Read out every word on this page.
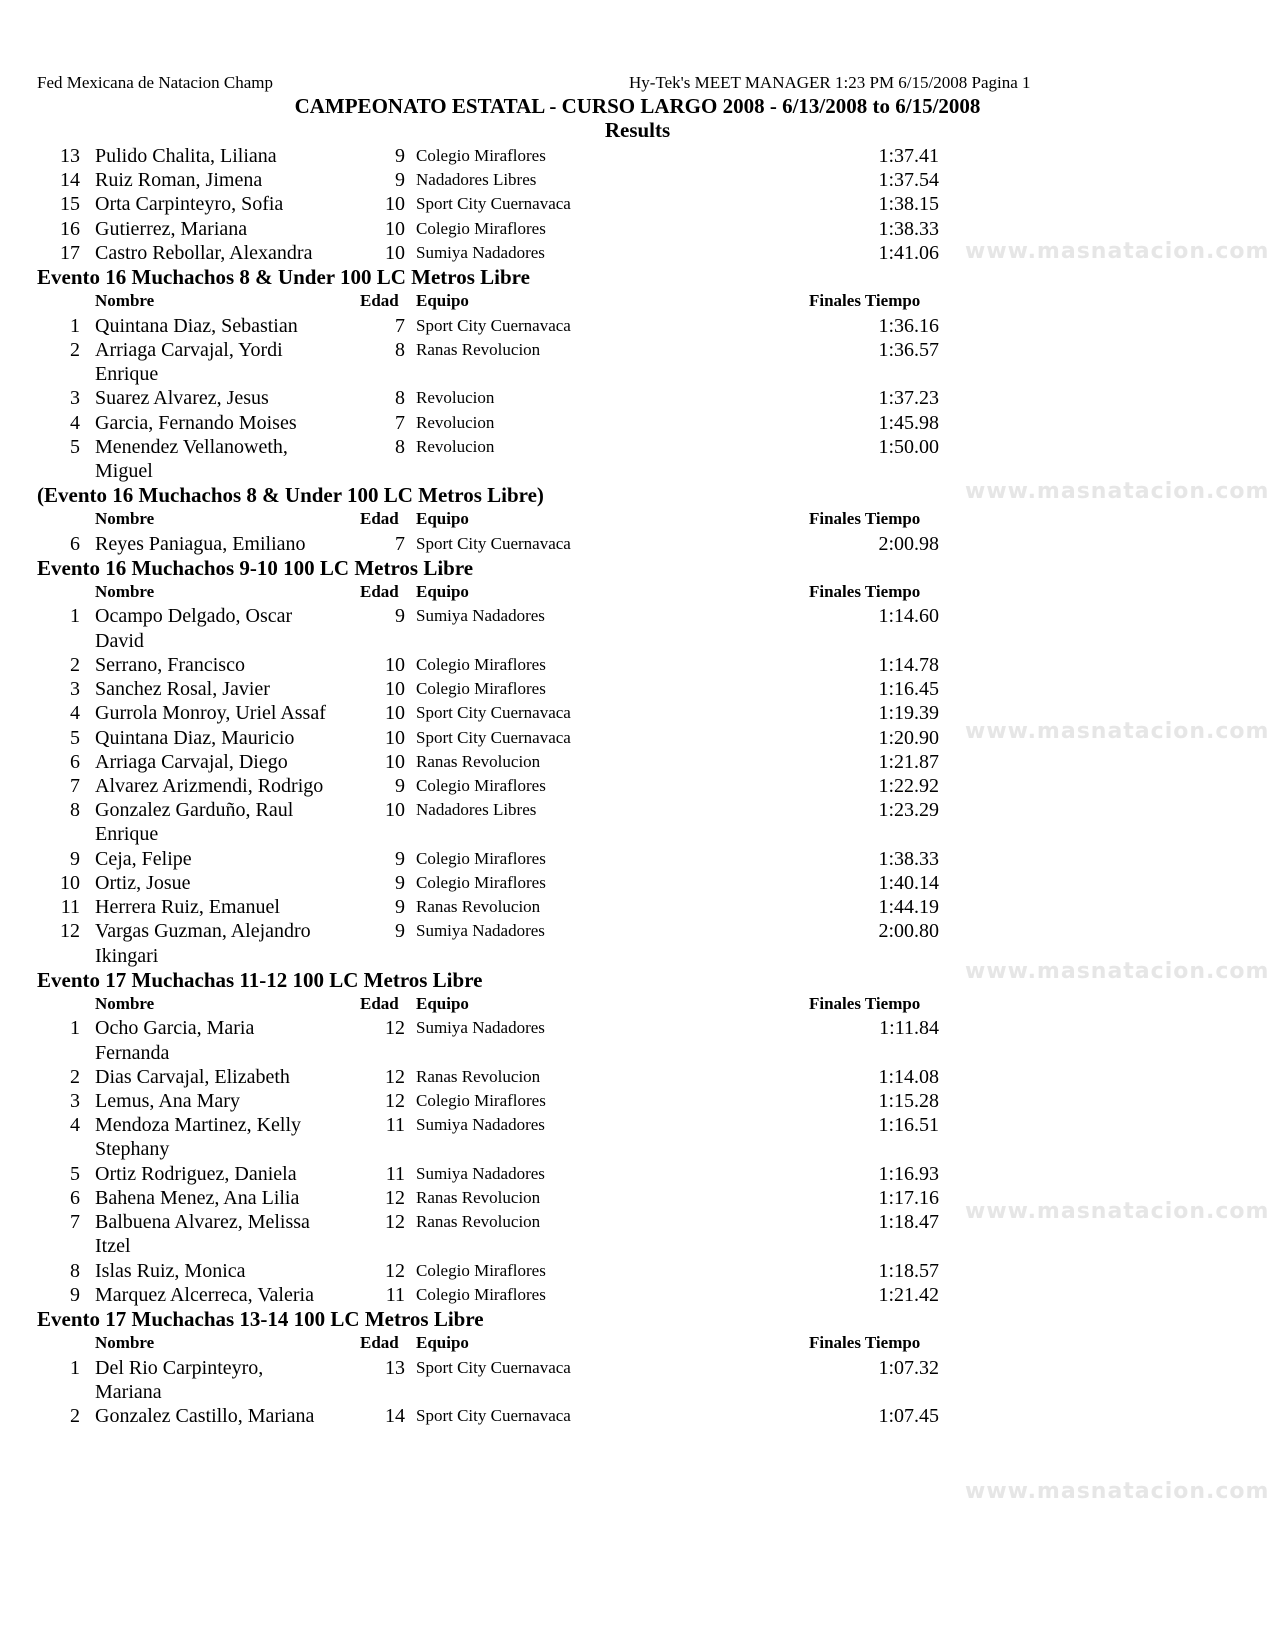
Fed Mexicana de Natacion Champ	Hy-Tek's MEET MANAGER 1:23 PM 6/15/2008 Pagina 1
CAMPEONATO ESTATAL - CURSO LARGO 2008 - 6/13/2008 to 6/15/2008
Results
www.masnatacion.com
www.masnatacion.com
www.masnatacion.com
www.masnatacion.com
www.masnatacion.com
www.masnatacion.com
13 Pulido Chalita, Liliana	9 Colegio Miraflores	1:37.41
14 Ruiz Roman, Jimena	9 Nadadores Libres	1:37.54
15 Orta Carpinteyro, Sofia	10 Sport City Cuernavaca	1:38.15
16 Gutierrez, Mariana	10 Colegio Miraflores	1:38.33
17 Castro Rebollar, Alexandra	10 Sumiya Nadadores	1:41.06
Evento 16 Muchachos 8 & Under 100 LC Metros Libre
Nombre	Edad Equipo	Finales Tiempo
1 Quintana Diaz, Sebastian	7 Sport City Cuernavaca	1:36.16
2 Arriaga Carvajal, Yordi	8 Ranas Revolucion	1:36.57
Enrique
3 Suarez Alvarez, Jesus	8 Revolucion	1:37.23
4 Garcia, Fernando Moises	7 Revolucion	1:45.98
5 Menendez Vellanoweth,	8 Revolucion	1:50.00
Miguel
(Evento 16 Muchachos 8 & Under 100 LC Metros Libre)
Nombre	Edad Equipo	Finales Tiempo
6 Reyes Paniagua, Emiliano	7 Sport City Cuernavaca	2:00.98
Evento 16 Muchachos 9-10 100 LC Metros Libre
Nombre	Edad Equipo	Finales Tiempo
1 Ocampo Delgado, Oscar	9 Sumiya Nadadores	1:14.60
David
2 Serrano, Francisco	10 Colegio Miraflores	1:14.78
3 Sanchez Rosal, Javier	10 Colegio Miraflores	1:16.45
4 Gurrola Monroy, Uriel Assaf	10 Sport City Cuernavaca	1:19.39
5 Quintana Diaz, Mauricio	10 Sport City Cuernavaca	1:20.90
6 Arriaga Carvajal, Diego	10 Ranas Revolucion	1:21.87
7 Alvarez Arizmendi, Rodrigo	9 Colegio Miraflores	1:22.92
8 Gonzalez Garduño, Raul	10 Nadadores Libres	1:23.29
Enrique
9 Ceja, Felipe	9 Colegio Miraflores	1:38.33
10 Ortiz, Josue	9 Colegio Miraflores	1:40.14
11 Herrera Ruiz, Emanuel	9 Ranas Revolucion	1:44.19
12 Vargas Guzman, Alejandro	9 Sumiya Nadadores	2:00.80
Ikingari
Evento 17 Muchachas 11-12 100 LC Metros Libre
Nombre	Edad Equipo	Finales Tiempo
1 Ocho Garcia, Maria	12 Sumiya Nadadores	1:11.84
Fernanda
2 Dias Carvajal, Elizabeth	12 Ranas Revolucion	1:14.08
3 Lemus, Ana Mary	12 Colegio Miraflores	1:15.28
4 Mendoza Martinez, Kelly	11 Sumiya Nadadores	1:16.51
Stephany
5 Ortiz Rodriguez, Daniela	11 Sumiya Nadadores	1:16.93
6 Bahena Menez, Ana Lilia	12 Ranas Revolucion	1:17.16
7 Balbuena Alvarez, Melissa	12 Ranas Revolucion	1:18.47
Itzel
8 Islas Ruiz, Monica	12 Colegio Miraflores	1:18.57
9 Marquez Alcerreca, Valeria	11 Colegio Miraflores	1:21.42
Evento 17 Muchachas 13-14 100 LC Metros Libre
Nombre	Edad Equipo	Finales Tiempo
1 Del Rio Carpinteyro,	13 Sport City Cuernavaca	1:07.32
Mariana
2 Gonzalez Castillo, Mariana	14 Sport City Cuernavaca	1:07.45
